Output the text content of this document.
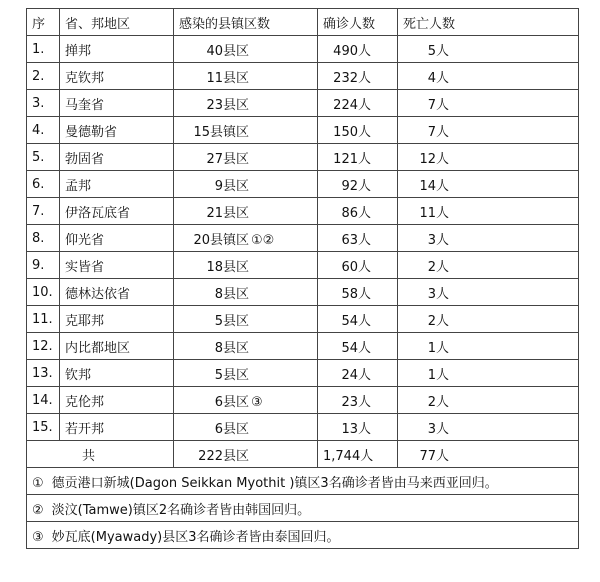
序	省、邦地区	感染的县镇区数	确诊人数	死亡人数
1.	掸邦	40县区	490人	5人
2.	克钦邦	11县区	232人	4人
3.	马奎省	23县区	224人	7人
4.	曼德勒省	15县镇区	150人	7人
5.	勃固省	27县区	121人	12人
6.	孟邦	9县区	92人	14人
7.	伊洛瓦底省	21县区	86人	11人
8.	仰光省	20县镇区 ①②	63人	3人
9.	实皆省	18县区	60人	2人
10.	德林达依省	8县区	58人	3人
11.	克耶邦	5县区	54人	2人
12.	内比都地区	8县区	54人	1人
13.	钦邦	5县区	24人	1人
14.	克伦邦	6县区 ③	23人	2人
15.	若开邦	6县区	13人	3人
共		222县区	1,744人	77人
① 德贡港口新城(Dagon Seikkan Myothit )镇区3名确诊者皆由马来西亚回归。				
② 淡汶(Tamwe)镇区2名确诊者皆由韩国回归。				
③ 妙瓦底(Myawady)县区3名确诊者皆由泰国回归。				
